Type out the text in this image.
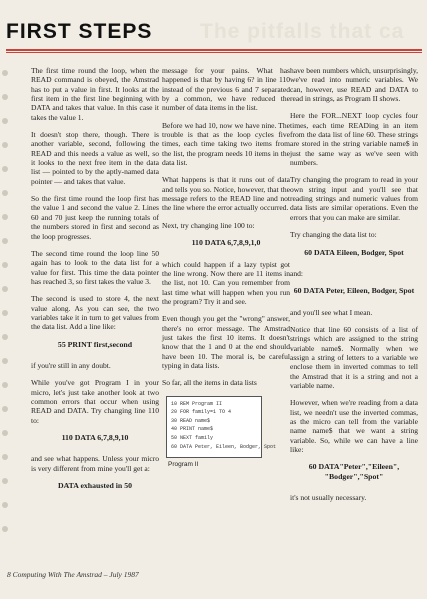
FIRST STEPS The pitfalls that ca

The first time round the loop, when the READ command is obeyed, the Amstrad has to put a value in first. It looks at the first item in the first line beginning with DATA and takes that value. In this case it takes the value 1.

It doesn't stop there, though. There is another variable, second, following the READ and this needs a value as well, so it looks to the next free item in the data list — pointed to by the aptly-named data pointer — and takes that value.

So the first time round the loop first has the value 1 and second the value 2. Lines 60 and 70 just keep the running totals of the numbers stored in first and second as the loop progresses.

The second time round the loop line 50 again has to look to the data list for a value for first. This time the data pointer has reached 3, so first takes the value 3.

The second is used to store 4, the next value along. As you can see, the two variables take it in turn to get values from the data list. Add a line like:

55 PRINT first,second

if you're still in any doubt.

While you've got Program I in your micro, let's just take another look at two common errors that occur when using READ and DATA. Try changing line 110 to:

110 DATA 6,7,8,9,10

and see what happens. Unless your micro is very different from mine you'll get a:

DATA exhausted in 50

message for your pains. What has happened is that by having 6? in line 110 instead of the previous 6 and 7 separated by a common, we have reduced the number of data items in the list.

Before we had 10, now we have nine. The trouble is that as the loop cycles five times, each time taking two items from the list, the program needs 10 items in the data list.

What happens is that it runs out of data and tells you so. Notice, however, that the message refers to the READ line and not the line where the error actually occurred.

Next, try changing line 100 to:

110 DATA 6,7,8,9,1,0

which could happen if a lazy typist got the line wrong. Now there are 11 items in the list, not 10. Can you remember from last time what will happen when you run the program? Try it and see.

Even though you get the "wrong" answer, there's no error message. The Amstrad just takes the first 10 items. It doesn't know that the 1 and 0 at the end should have been 10. The moral is, be careful typing in data lists.

So far, all the items in data lists

10 REM Program II
20 FOR family=1 TO 4
30 READ name$
40 PRINT name$
50 NEXT family
60 DATA Peter, Eileen, Bodger, Spot
Program II

have been numbers which, unsurprisingly, we've read into numeric variables. We can, however, use READ and DATA to read in strings, as Program II shows.

Here the FOR...NEXT loop cycles four times, each time READing in an item from the data list of line 60. These strings are stored in the string variable name$ in just the same way as we've seen with numbers.

Try changing the program to read in your own string input and you'll see that reading strings and numeric values from data lists are similar operations. Even the errors that you can make are similar.

Try changing the data list to:

60 DATA Eileen, Bodger, Spot

and:

60 DATA Peter, Eileen, Bodger, Spot

and you'll see what I mean.

Notice that line 60 consists of a list of strings which are assigned to the string variable name$. Normally when we assign a string of letters to a variable we enclose them in inverted commas to tell the Amstrad that it is a string and not a variable name.

However, when we're reading from a data list, we needn't use the inverted commas, as the micro can tell from the variable name name$ that we want a string variable. So, while we can have a line like:

60 DATA"Peter","Eileen", "Bodger","Spot"

it's not usually necessary.

8 Computing With The Amstrad – July 1987
